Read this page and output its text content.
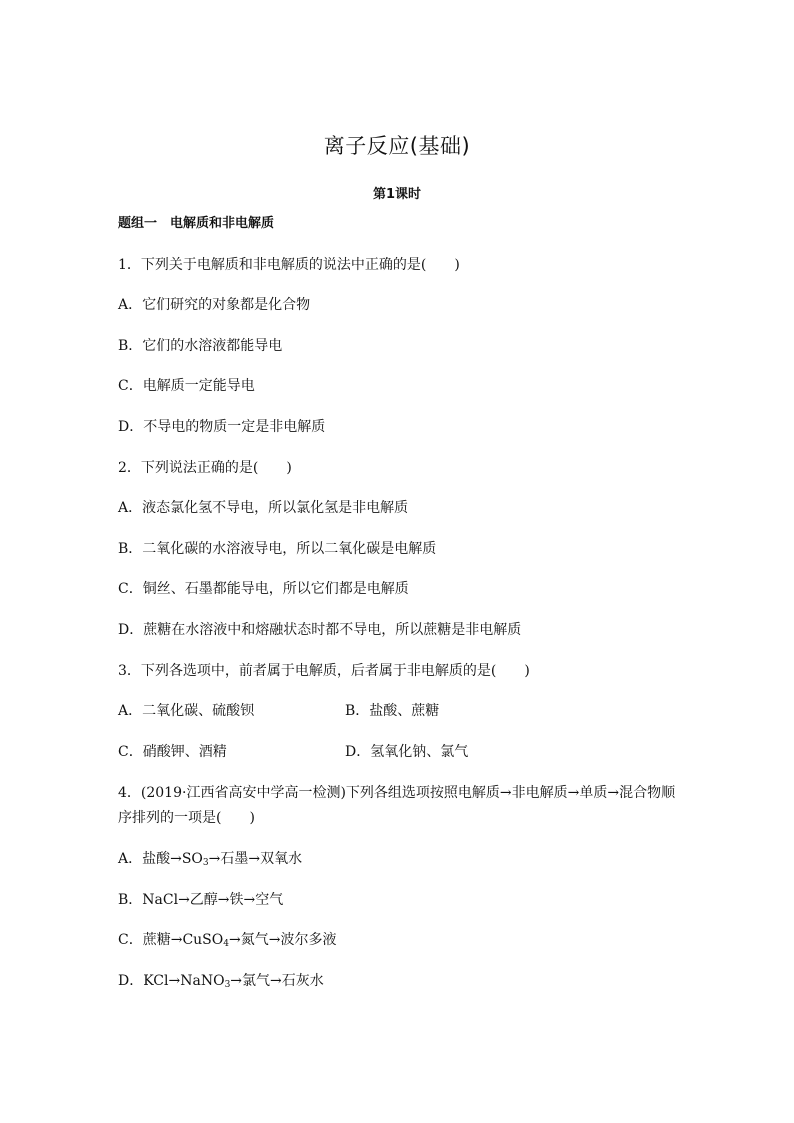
离子反应(基础)
第1课时
题组一　电解质和非电解质
1．下列关于电解质和非电解质的说法中正确的是(　　)
A．它们研究的对象都是化合物
B．它们的水溶液都能导电
C．电解质一定能导电
D．不导电的物质一定是非电解质
2．下列说法正确的是(　　)
A．液态氯化氢不导电，所以氯化氢是非电解质
B．二氧化碳的水溶液导电，所以二氧化碳是电解质
C．铜丝、石墨都能导电，所以它们都是电解质
D．蔗糖在水溶液中和熔融状态时都不导电，所以蔗糖是非电解质
3．下列各选项中，前者属于电解质，后者属于非电解质的是(　　)
A．二氧化碳、硫酸钡	B．盐酸、蔗糖
C．硝酸钾、酒精	D．氢氧化钠、氯气
4．(2019·江西省高安中学高一检测)下列各组选项按照电解质→非电解质→单质→混合物顺
序排列的一项是(　　)
A．盐酸$\to SO_3\to$石墨→双氧水
B．NaCl→乙醇→铁→空气
C．蔗糖→CuSO$_4$→氮气→波尔多液
D．KCl→NaNO$_3$→氯气→石灰水
